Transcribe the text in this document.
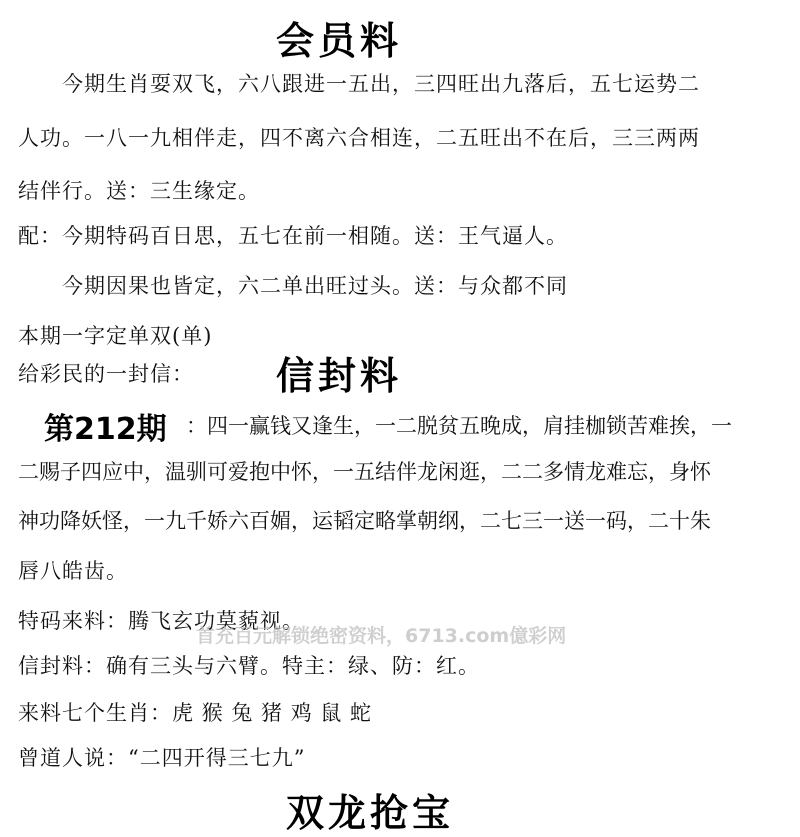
会员料
今期生肖耍双飞，六八跟进一五出，三四旺出九落后，五七运势二
人功。一八一九相伴走，四不离六合相连，二五旺出不在后，三三两两
结伴行。送：三生缘定。
配：今期特码百日思，五七在前一相随。送：王气逼人。
今期因果也皆定，六二单出旺过头。送：与众都不同
本期一字定单双(单)
给彩民的一封信： 信封料
第212期 ：四一赢钱又逢生，一二脱贫五晚成，肩挂枷锁苦难挨，一
二赐子四应中，温驯可爱抱中怀，一五结伴龙闲逛，二二多情龙难忘，身怀
神功降妖怪，一九千娇六百媚，运韬定略掌朝纲，二七三一送一码，二十朱
唇八皓齿。
特码来料：腾飞玄功莫藐视。
信封料：确有三头与六臂。特主：绿、防：红。
来料七个生肖：虎 猴 兔 猪 鸡 鼠 蛇
曾道人说：“二四开得三七九”
双龙抢宝
首充百元解锁绝密资料，6713.com億彩网
